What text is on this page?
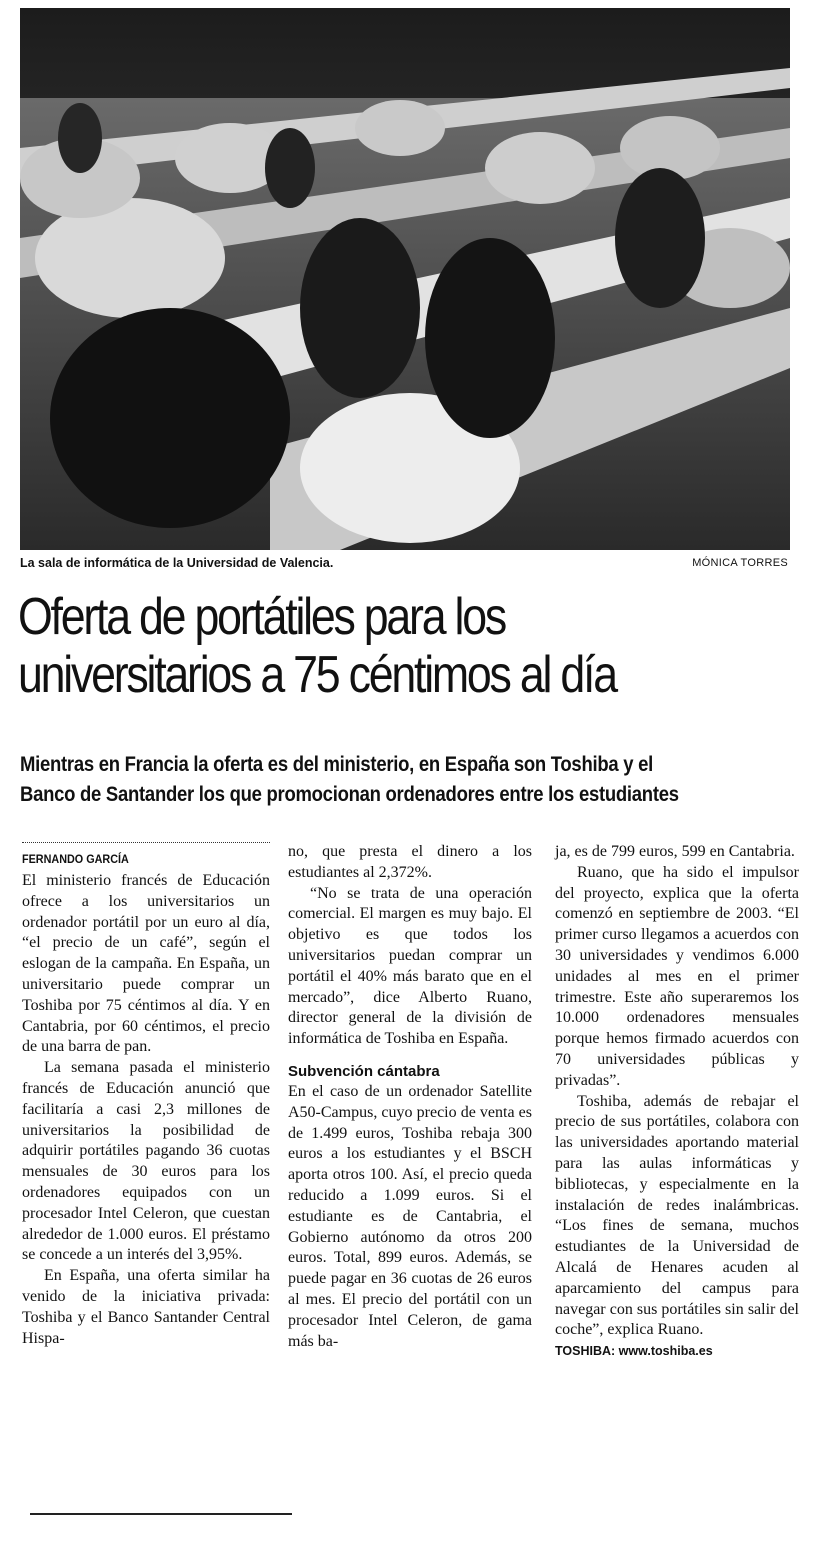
La sala de informática de la Universidad de Valencia.	MÓNICA TORRES
Oferta de portátiles para los
universitarios a 75 céntimos al día
Mientras en Francia la oferta es del ministerio, en España son Toshiba y el
Banco de Santander los que promocionan ordenadores entre los estudiantes
FERNANDO GARCÍA

El ministerio francés de Educación ofrece a los universitarios un ordenador portátil por un euro al día, “el precio de un café”, según el eslogan de la campaña. En España, un universitario puede comprar un Toshiba por 75 céntimos al día. Y en Cantabria, por 60 céntimos, el precio de una barra de pan.

La semana pasada el ministerio francés de Educación anunció que facilitaría a casi 2,3 millones de universitarios la posibilidad de adquirir portátiles pagando 36 cuotas mensuales de 30 euros para los ordenadores equipados con un procesador Intel Celeron, que cuestan alrededor de 1.000 euros. El préstamo se concede a un interés del 3,95%.

En España, una oferta similar ha venido de la iniciativa privada: Toshiba y el Banco Santander Central Hispa-

no, que presta el dinero a los estudiantes al 2,372%.

“No se trata de una operación comercial. El margen es muy bajo. El objetivo es que todos los universitarios puedan comprar un portátil el 40% más barato que en el mercado”, dice Alberto Ruano, director general de la división de informática de Toshiba en España.

Subvención cántabra

En el caso de un ordenador Satellite A50-Campus, cuyo precio de venta es de 1.499 euros, Toshiba rebaja 300 euros a los estudiantes y el BSCH aporta otros 100. Así, el precio queda reducido a 1.099 euros. Si el estudiante es de Cantabria, el Gobierno autónomo da otros 200 euros. Total, 899 euros. Además, se puede pagar en 36 cuotas de 26 euros al mes. El precio del portátil con un procesador Intel Celeron, de gama más ba-

ja, es de 799 euros, 599 en Cantabria.

Ruano, que ha sido el impulsor del proyecto, explica que la oferta comenzó en septiembre de 2003. “El primer curso llegamos a acuerdos con 30 universidades y vendimos 6.000 unidades al mes en el primer trimestre. Este año superaremos los 10.000 ordenadores mensuales porque hemos firmado acuerdos con 70 universidades públicas y privadas”.

Toshiba, además de rebajar el precio de sus portátiles, colabora con las universidades aportando material para las aulas informáticas y bibliotecas, y especialmente en la instalación de redes inalámbricas. “Los fines de semana, muchos estudiantes de la Universidad de Alcalá de Henares acuden al aparcamiento del campus para navegar con sus portátiles sin salir del coche”, explica Ruano.

TOSHIBA: www.toshiba.es
